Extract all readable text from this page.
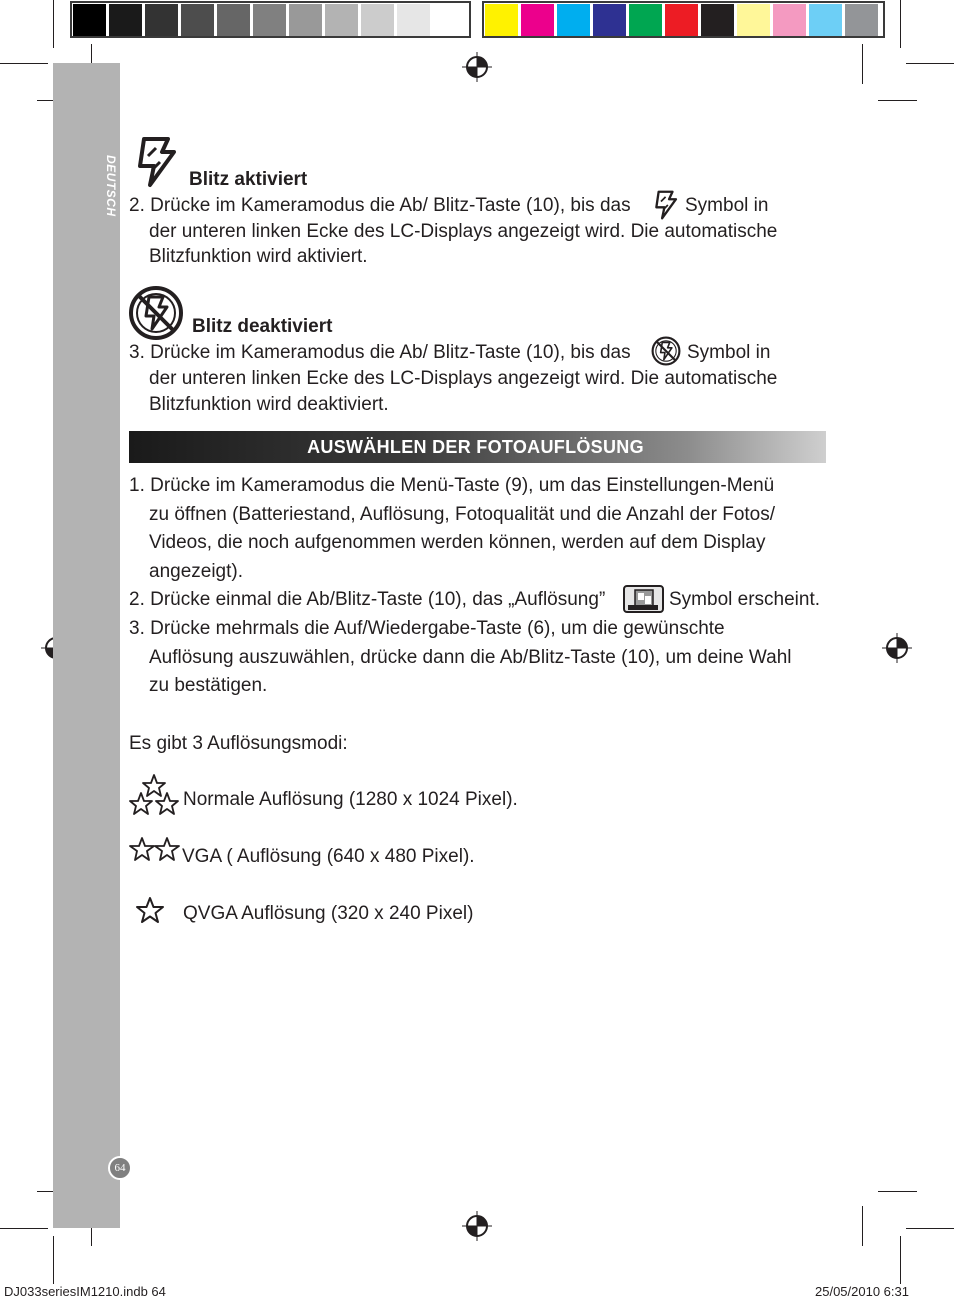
DEUTSCH
64
Blitz aktiviert
2. Drücke im Kameramodus die Ab/ Blitz-Taste (10), bis das	Symbol in
der unteren linken Ecke des LC-Displays angezeigt wird. Die automatische
Blitzfunktion wird aktiviert.
Blitz deaktiviert
3. Drücke im Kameramodus die Ab/ Blitz-Taste (10), bis das	Symbol in
der unteren linken Ecke des LC-Displays angezeigt wird. Die automatische
Blitzfunktion wird deaktiviert.
AUSWÄHLEN DER FOTOAUFLÖSUNG
1. Drücke im Kameramodus die Menü-Taste (9), um das Einstellungen-Menü
zu öffnen (Batteriestand, Auflösung, Fotoqualität und die Anzahl der Fotos/
Videos, die noch aufgenommen werden können, werden auf dem Display
angezeigt).
2. Drücke einmal die Ab/Blitz-Taste (10), das „Auflösung”	Symbol erscheint.
3. Drücke mehrmals die Auf/Wiedergabe-Taste (6), um die gewünschte
Auflösung auszuwählen, drücke dann die Ab/Blitz-Taste (10), um deine Wahl
zu bestätigen.
Es gibt 3 Auflösungsmodi:
Normale Auflösung (1280 x 1024 Pixel).
VGA ( Auflösung (640 x 480 Pixel).
QVGA Auflösung (320 x 240 Pixel)
DJ033seriesIM1210.indb 64	25/05/2010 6:31
